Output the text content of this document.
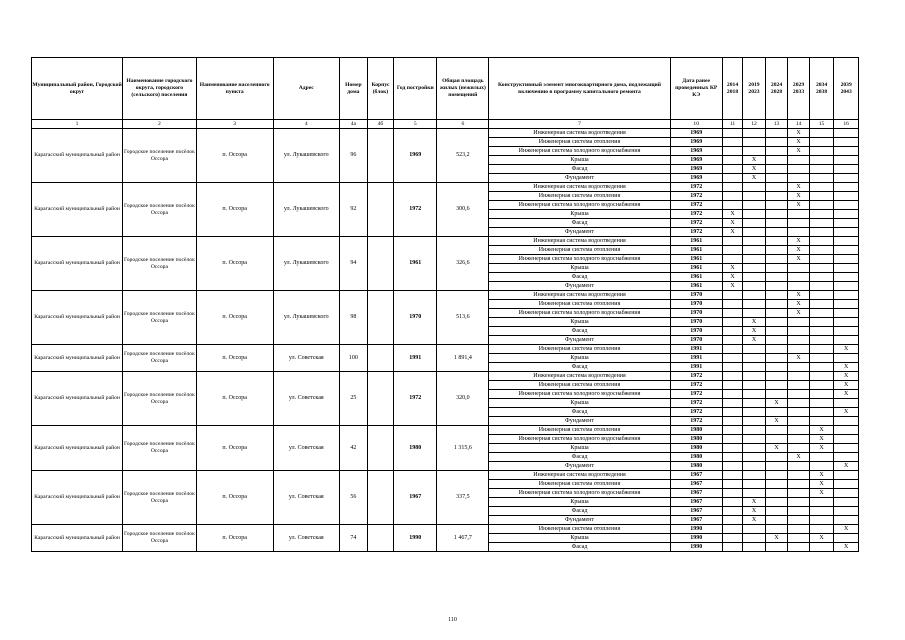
Муниципальный район, Городской округ	Наименование городского округа, городского (сельского) поселения	Наименование населенного пункта	Адрес	Номер дома	Корпус (блок)	Год постройки	Общая площадь жилых (нежилых) помещений	Конструктивный элемент многоквартирного дома, подлежащий включению в программу капитального ремонта	Дата ранее проведенных КР КЭ	2014 2018	2019 2023	2024 2028	2029 2033	2034 2038	2039 2043
1	2	3	4	4а	4б	5	6	7	10	11	12	13	14	15	16
Карагасский муниципальный район	Городское поселение посёлок Оссора	п. Оссора	ул. Лукашевского	96		1969	523,2	Инженерная система водоотведения	1969				X		
								Инженерная система отопления	1969				X		
								Инженерная система холодного водоснабжения	1969				X		
								Крыша	1969		X				
								Фасад	1969		X				
								Фундамент	1969		X				
Карагасский муниципальный район	Городское поселение посёлок Оссора	п. Оссора	ул. Лукашевского	92		1972	300,6	Инженерная система водоотведения	1972				X		
								Инженерная система отопления	1972				X		
								Инженерная система холодного водоснабжения	1972				X		
								Крыша	1972	X					
								Фасад	1972	X					
								Фундамент	1972	X					
Карагасский муниципальный район	Городское поселение посёлок Оссора	п. Оссора	ул. Лукашевского	94		1961	326,6	Инженерная система водоотведения	1961				X		
								Инженерная система отопления	1961				X		
								Инженерная система холодного водоснабжения	1961				X		
								Крыша	1961	X					
								Фасад	1961	X					
								Фундамент	1961	X					
Карагасский муниципальный район	Городское поселение посёлок Оссора	п. Оссора	ул. Лукашевского	98		1970	513,6	Инженерная система водоотведения	1970				X		
								Инженерная система отопления	1970				X		
								Инженерная система холодного водоснабжения	1970				X		
								Крыша	1970		X				
								Фасад	1970		X				
								Фундамент	1970		X				
Карагасский муниципальный район	Городское поселение посёлок Оссора	п. Оссора	ул. Советская	100		1991	1 891,4	Инженерная система отопления	1991						X
								Крыша	1991				X		
								Фасад	1991						X
Карагасский муниципальный район	Городское поселение посёлок Оссора	п. Оссора	ул. Советская	25		1972	320,0	Инженерная система водоотведения	1972						X
								Инженерная система отопления	1972						X
								Инженерная система холодного водоснабжения	1972						X
								Крыша	1972			X			
								Фасад	1972						X
								Фундамент	1972			X			
Карагасский муниципальный район	Городское поселение посёлок Оссора	п. Оссора	ул. Советская	42		1980	1 315,6	Инженерная система отопления	1980					X	
								Инженерная система холодного водоснабжения	1980					X	
								Крыша	1980			X		X	
								Фасад	1980				X		
								Фундамент	1980						X
Карагасский муниципальный район	Городское поселение посёлок Оссора	п. Оссора	ул. Советская	56		1967	337,5	Инженерная система водоотведения	1967					X	
								Инженерная система отопления	1967					X	
								Инженерная система холодного водоснабжения	1967					X	
								Крыша	1967		X				
								Фасад	1967		X				
								Фундамент	1967		X				
Карагасский муниципальный район	Городское поселение посёлок Оссора	п. Оссора	ул. Советская	74		1990	1 467,7	Инженерная система отопления	1990						X
								Крыша	1990			X		X	
								Фасад	1990						X
110
